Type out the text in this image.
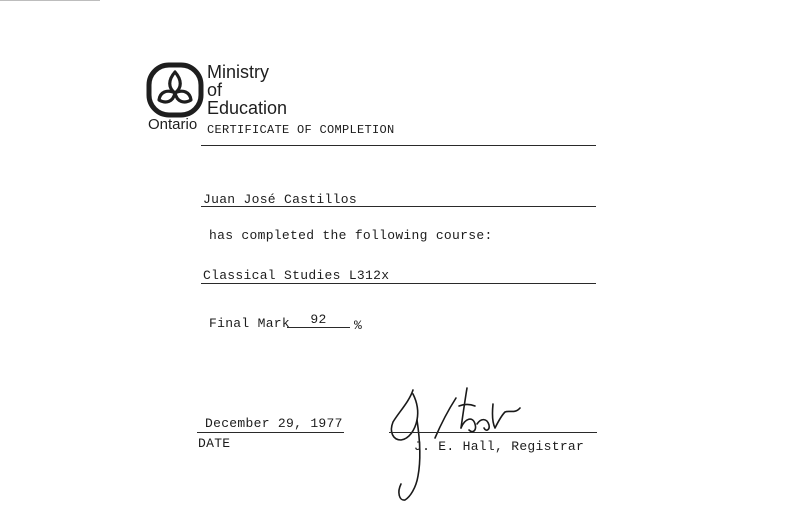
Ministry
of
Education
Ontario CERTIFICATE OF COMPLETION
Juan José Castillos
has completed the following course:
Classical Studies L312x
Final Mark	92	%
December 29, 1977
DATE	J. E. Hall, Registrar
